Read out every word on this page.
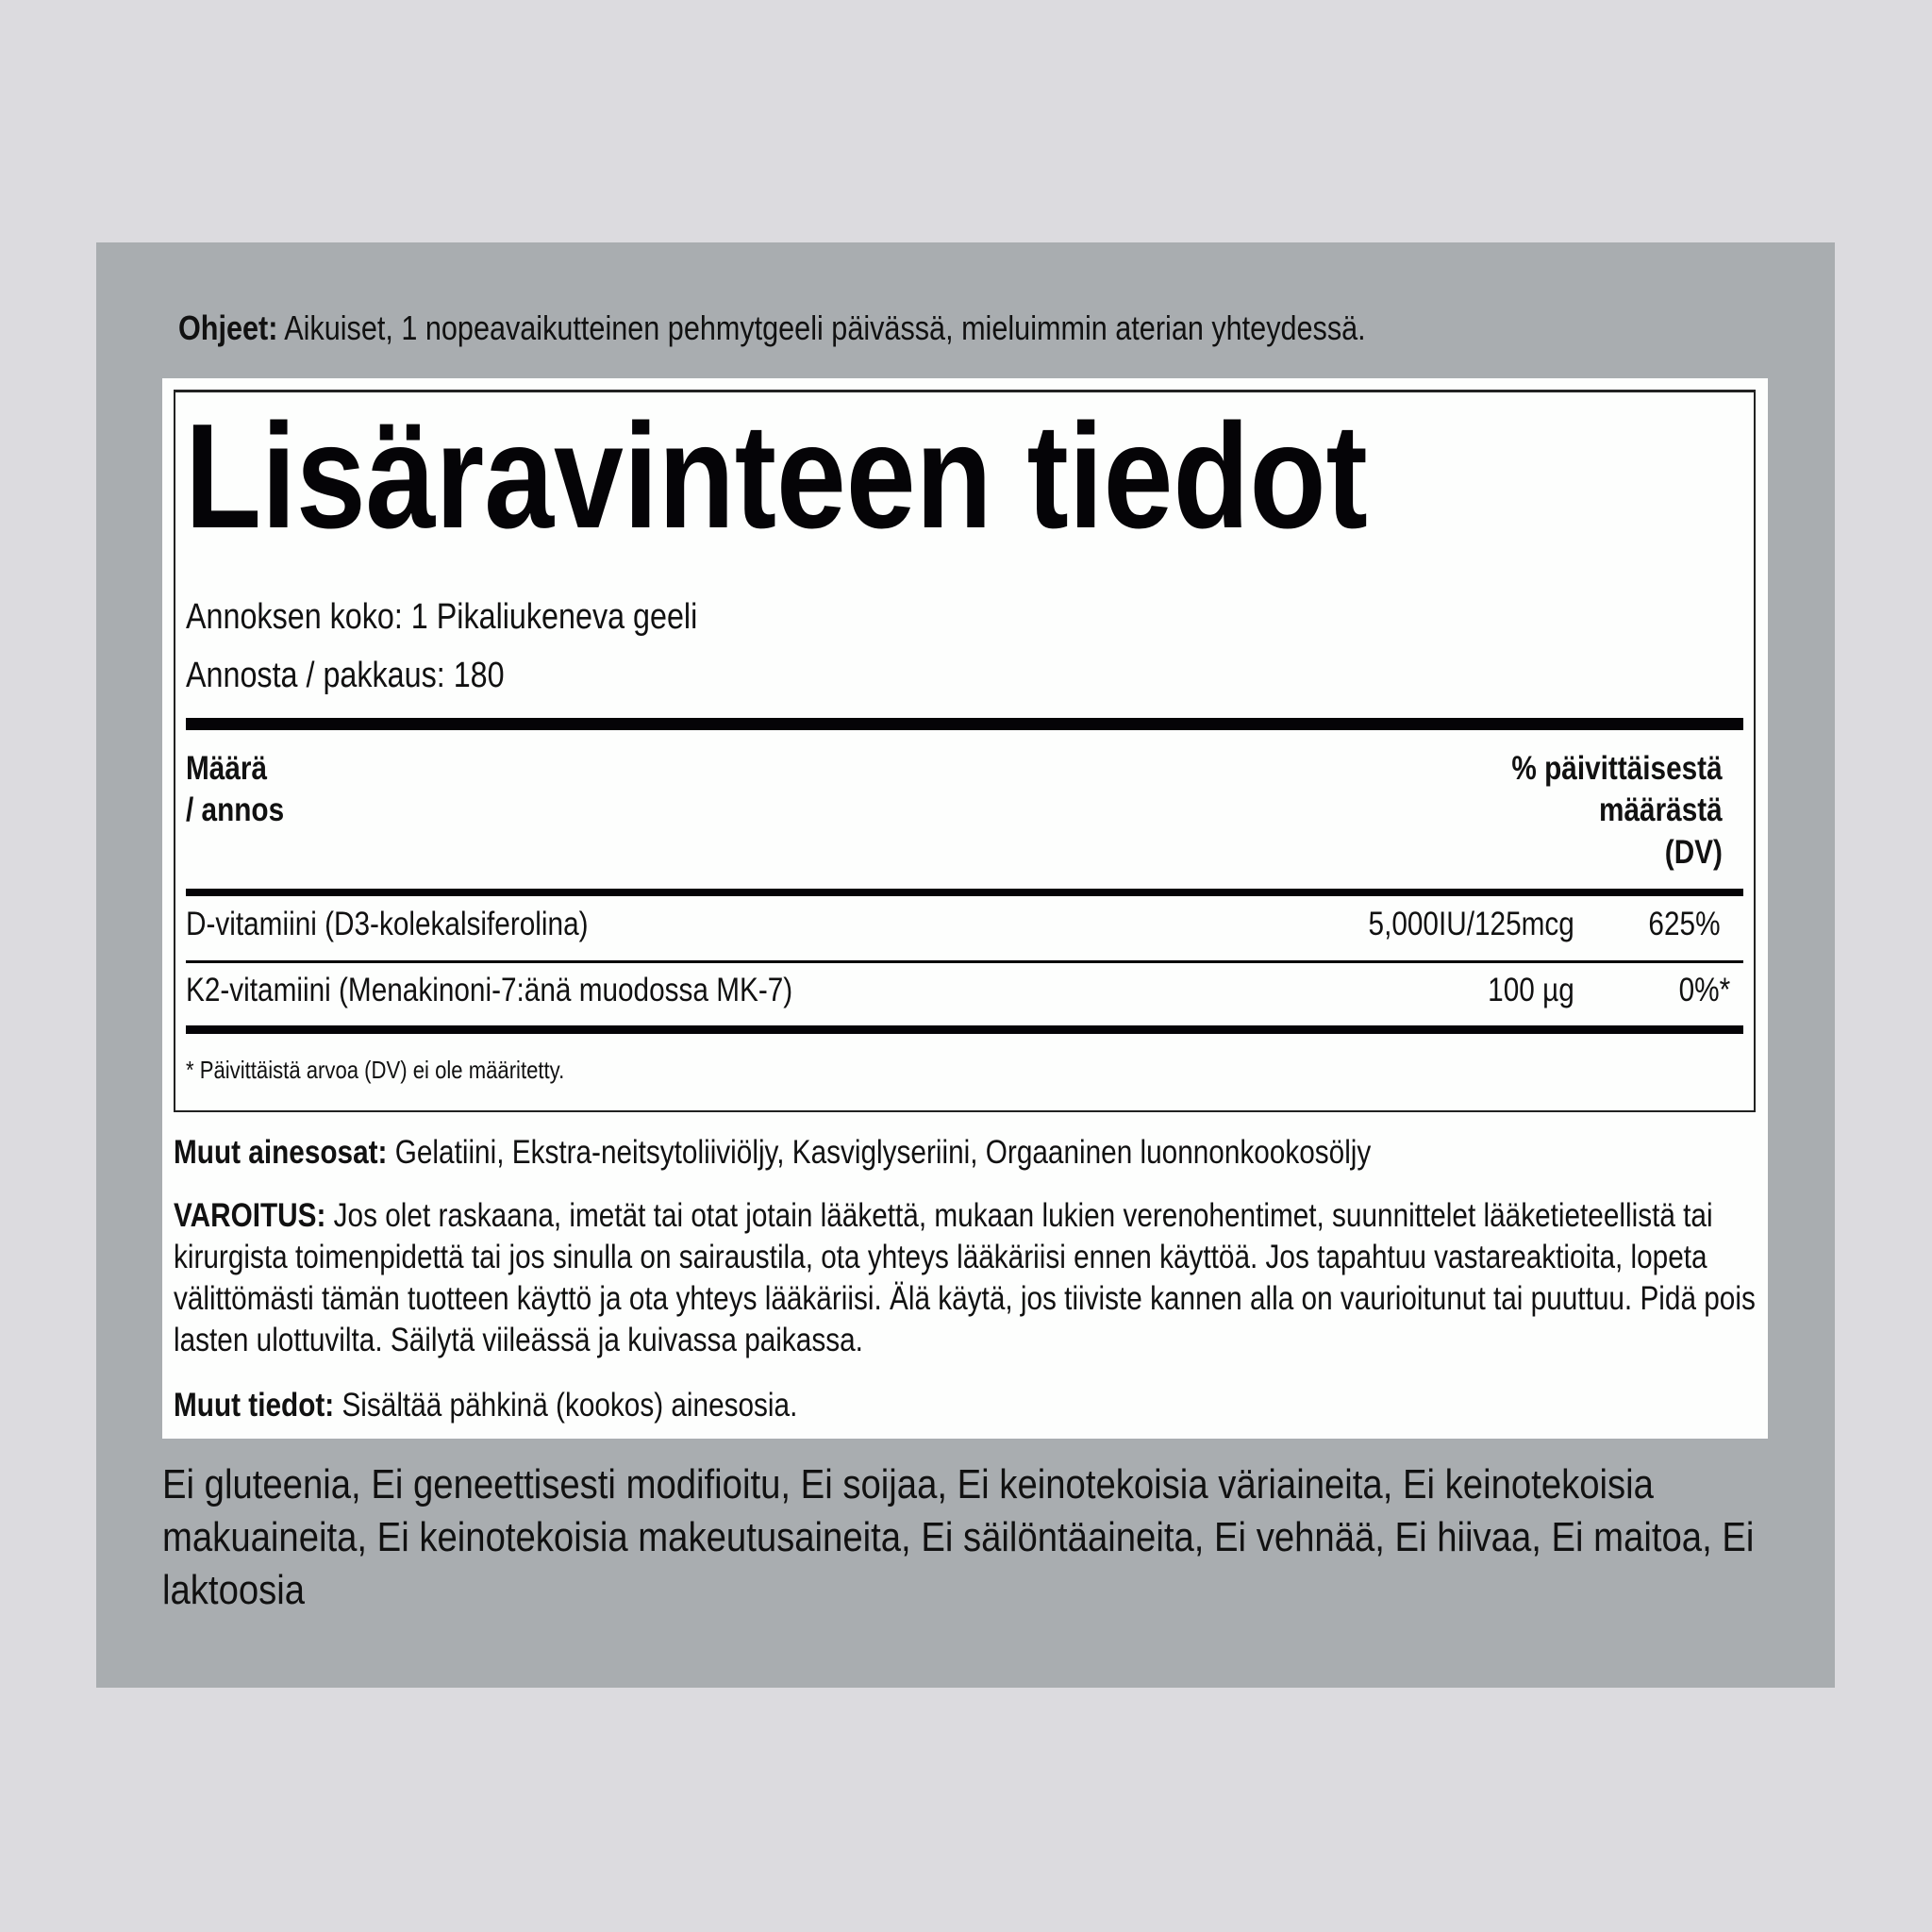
Ohjeet: Aikuiset, 1 nopeavaikutteinen pehmytgeeli päivässä, mieluimmin aterian yhteydessä.
Lisäravinteen tiedot
Annoksen koko: 1 Pikaliukeneva geeli
Annosta / pakkaus: 180
Määrä
/ annos
% päivittäisestä
määrästä
(DV)
D-vitamiini (D3-kolekalsiferolina)	5,000IU/125mcg 625%
K2-vitamiini (Menakinoni-7:änä muodossa MK-7)	100 µg	0%*
* Päivittäistä arvoa (DV) ei ole määritetty.
Muut ainesosat: Gelatiini, Ekstra-neitsytoliiviöljy, Kasviglyseriini, Orgaaninen luonnonkookosöljy
VAROITUS: Jos olet raskaana, imetät tai otat jotain lääkettä, mukaan lukien verenohentimet, suunnittelet lääketieteellistä tai kirurgista toimenpidettä tai jos sinulla on sairaustila, ota yhteys lääkäriisi ennen käyttöä. Jos tapahtuu vastareaktioita, lopeta välittömästi tämän tuotteen käyttö ja ota yhteys lääkäriisi. Älä käytä, jos tiiviste kannen alla on vaurioitunut tai puuttuu. Pidä pois lasten ulottuvilta. Säilytä viileässä ja kuivassa paikassa.
Muut tiedot: Sisältää pähkinä (kookos) ainesosia.
Ei gluteenia, Ei geneettisesti modifioitu, Ei soijaa, Ei keinotekoisia väriaineita, Ei keinotekoisia makuaineita, Ei keinotekoisia makeutusaineita, Ei säilöntäaineita, Ei vehnää, Ei hiivaa, Ei maitoa, Ei laktoosia
